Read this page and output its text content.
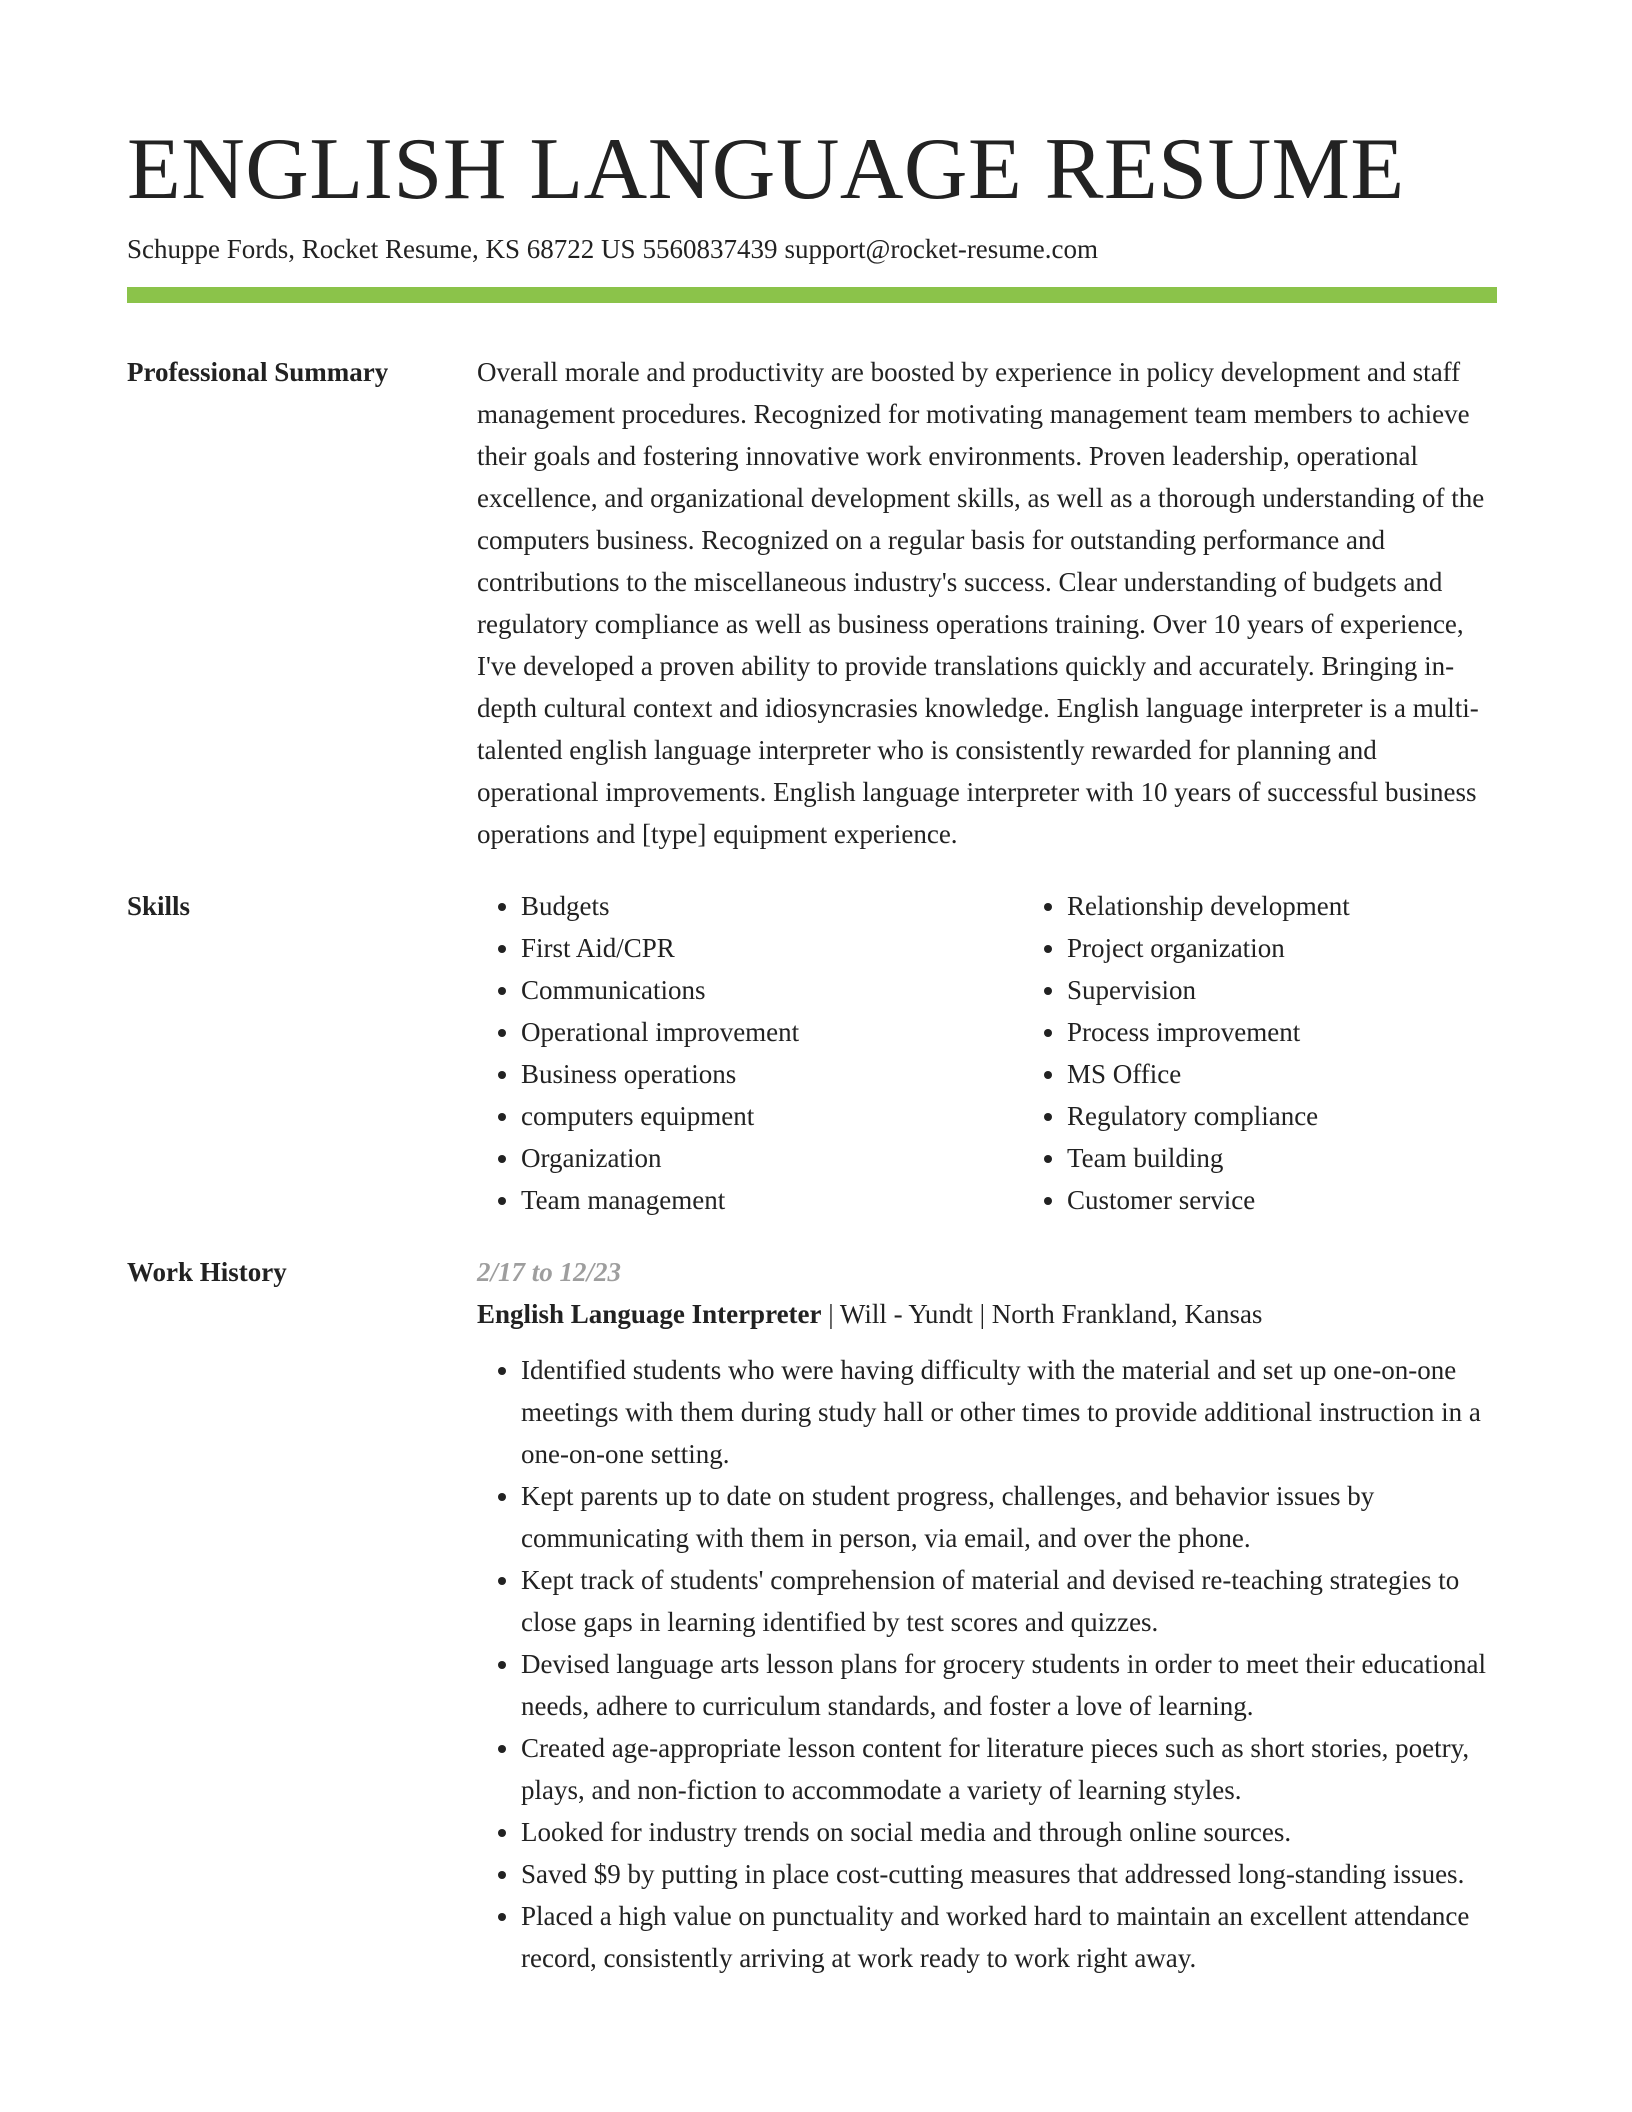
ENGLISH LANGUAGE RESUME
Schuppe Fords, Rocket Resume, KS 68722 US 5560837439 support@rocket-resume.com
Professional Summary	Overall morale and productivity are boosted by experience in policy development and staff management procedures. Recognized for motivating management team members to achieve their goals and fostering innovative work environments. Proven leadership, operational excellence, and organizational development skills, as well as a thorough understanding of the computers business. Recognized on a regular basis for outstanding performance and contributions to the miscellaneous industry's success. Clear understanding of budgets and regulatory compliance as well as business operations training. Over 10 years of experience, I've developed a proven ability to provide translations quickly and accurately. Bringing in-depth cultural context and idiosyncrasies knowledge. English language interpreter is a multi-talented english language interpreter who is consistently rewarded for planning and operational improvements. English language interpreter with 10 years of successful business operations and [type] equipment experience.

Skills
•	Budgets
• First Aid/CPR
• Communications
• Operational improvement
• Business operations
• computers equipment
• Organization
• Team management
• Relationship development
• Project organization
• Supervision
• Process improvement
• MS Office
• Regulatory compliance
• Team building
• Customer service
Work History	2/17 to 12/23
English Language Interpreter | Will - Yundt | North Frankland, Kansas
• Identified students who were having difficulty with the material and set up one-on-one meetings with them during study hall or other times to provide additional instruction in a one-on-one setting.
• Kept parents up to date on student progress, challenges, and behavior issues by communicating with them in person, via email, and over the phone.
• Kept track of students' comprehension of material and devised re-teaching strategies to close gaps in learning identified by test scores and quizzes.
• Devised language arts lesson plans for grocery students in order to meet their educational needs, adhere to curriculum standards, and foster a love of learning.
• Created age-appropriate lesson content for literature pieces such as short stories, poetry, plays, and non-fiction to accommodate a variety of learning styles.
• Looked for industry trends on social media and through online sources.
• Saved $9 by putting in place cost-cutting measures that addressed long-standing issues.
• Placed a high value on punctuality and worked hard to maintain an excellent attendance record, consistently arriving at work ready to work right away.
